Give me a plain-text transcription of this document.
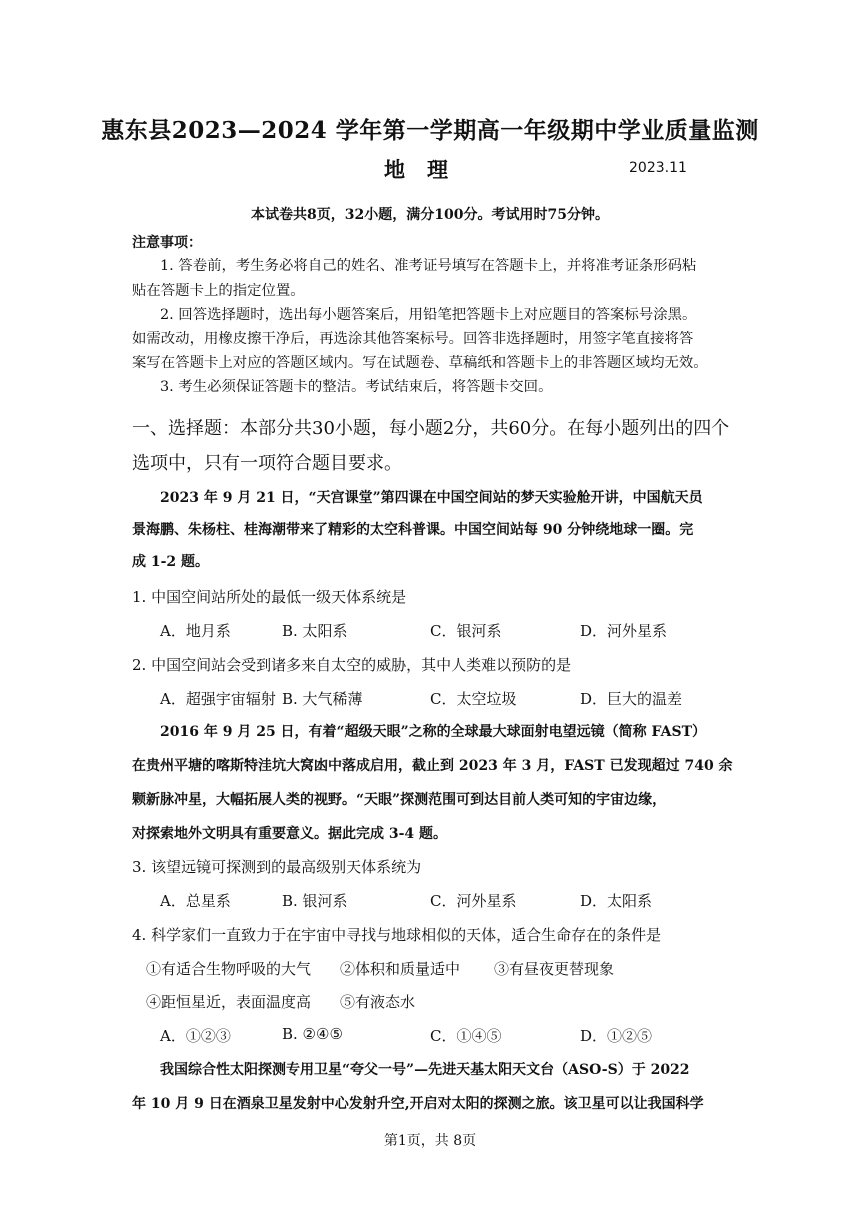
惠东县2023—2024 学年第一学期高一年级期中学业质量监测
地理	2023.11
本试卷共8页，32小题，满分100分。考试用时75分钟。
注意事项：
1. 答卷前，考生务必将自己的姓名、准考证号填写在答题卡上，并将准考证条形码粘
贴在答题卡上的指定位置。
2. 回答选择题时，选出每小题答案后，用铅笔把答题卡上对应题目的答案标号涂黑。
如需改动，用橡皮擦干净后，再选涂其他答案标号。回答非选择题时，用签字笔直接将答
案写在答题卡上对应的答题区域内。写在试题卷、草稿纸和答题卡上的非答题区域均无效。
3. 考生必须保证答题卡的整洁。考试结束后，将答题卡交回。
一、选择题：本部分共30小题，每小题2分，共60分。在每小题列出的四个
选项中，只有一项符合题目要求。
2023 年 9 月 21 日，“天宫课堂”第四课在中国空间站的梦天实验舱开讲，中国航天员
景海鹏、朱杨柱、桂海潮带来了精彩的太空科普课。中国空间站每 90 分钟绕地球一圈。完
成 1-2 题。
1. 中国空间站所处的最低一级天体系统是
A．地月系	B. 太阳系	C．银河系	D．河外星系
2. 中国空间站会受到诸多来自太空的威胁，其中人类难以预防的是
A．超强宇宙辐射 B. 大气稀薄	C．太空垃圾	D．巨大的温差
2016 年 9 月 25 日，有着“超级天眼”之称的全球最大球面射电望远镜（简称 FAST）
在贵州平塘的喀斯特洼坑大窝凼中落成启用，截止到 2023 年 3 月，FAST 已发现超过 740 余
颗新脉冲星，大幅拓展人类的视野。“天眼”探测范围可到达目前人类可知的宇宙边缘，
对探索地外文明具有重要意义。据此完成 3-4 题。
3. 该望远镜可探测到的最高级别天体系统为
A．总星系	B. 银河系	C．河外星系	D．太阳系
4. 科学家们一直致力于在宇宙中寻找与地球相似的天体，适合生命存在的条件是
①有适合生物呼吸的大气 ②体积和质量适中 ③有昼夜更替现象
④距恒星近，表面温度高 ⑤有液态水
A．①②③	B. ②④⑤	C．①④⑤	D．①②⑤
我国综合性太阳探测专用卫星“夸父一号”—先进天基太阳天文台（ASO-S）于 2022
年 10 月 9 日在酒泉卫星发射中心发射升空,开启对太阳的探测之旅。该卫星可以让我国科学
第1页，共 8页
